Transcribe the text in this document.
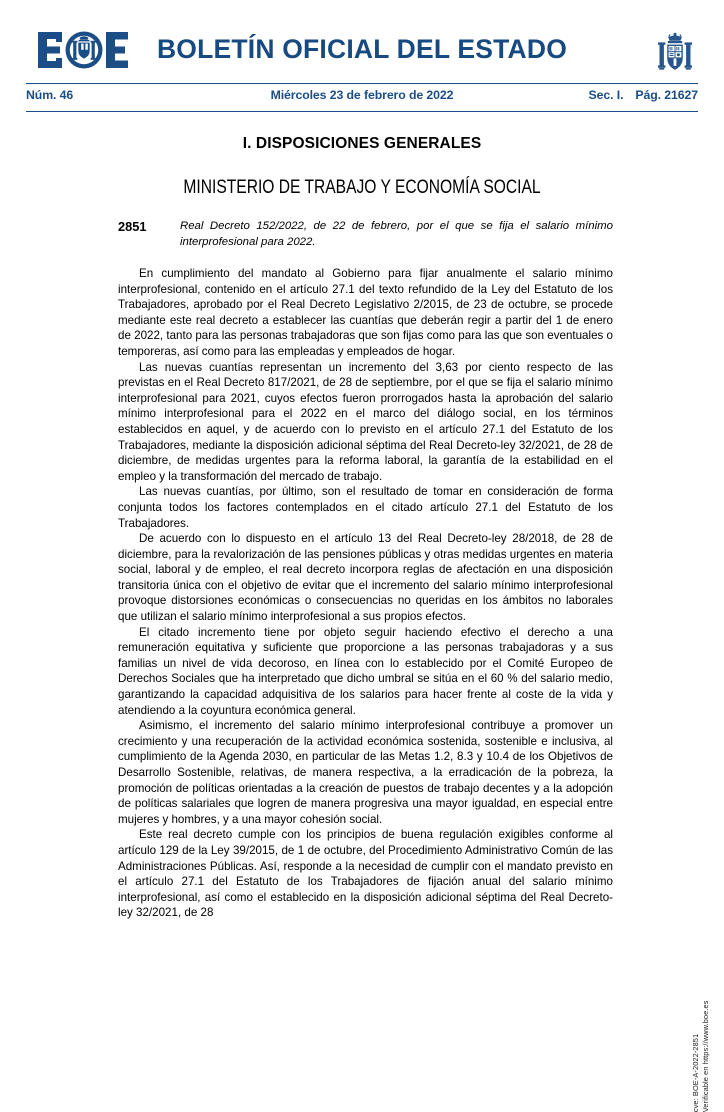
BOLETÍN OFICIAL DEL ESTADO
Núm. 46	Miércoles 23 de febrero de 2022	Sec. I. Pág. 21627
I. DISPOSICIONES GENERALES
MINISTERIO DE TRABAJO Y ECONOMÍA SOCIAL
2851	Real Decreto 152/2022, de 22 de febrero, por el que se fija el salario mínimo interprofesional para 2022.

En cumplimiento del mandato al Gobierno para fijar anualmente el salario mínimo interprofesional, contenido en el artículo 27.1 del texto refundido de la Ley del Estatuto de los Trabajadores, aprobado por el Real Decreto Legislativo 2/2015, de 23 de octubre, se procede mediante este real decreto a establecer las cuantías que deberán regir a partir del 1 de enero de 2022, tanto para las personas trabajadoras que son fijas como para las que son eventuales o temporeras, así como para las empleadas y empleados de hogar.

Las nuevas cuantías representan un incremento del 3,63 por ciento respecto de las previstas en el Real Decreto 817/2021, de 28 de septiembre, por el que se fija el salario mínimo interprofesional para 2021, cuyos efectos fueron prorrogados hasta la aprobación del salario mínimo interprofesional para el 2022 en el marco del diálogo social, en los términos establecidos en aquel, y de acuerdo con lo previsto en el artículo 27.1 del Estatuto de los Trabajadores, mediante la disposición adicional séptima del Real Decreto-ley 32/2021, de 28 de diciembre, de medidas urgentes para la reforma laboral, la garantía de la estabilidad en el empleo y la transformación del mercado de trabajo.

Las nuevas cuantías, por último, son el resultado de tomar en consideración de forma conjunta todos los factores contemplados en el citado artículo 27.1 del Estatuto de los Trabajadores.

De acuerdo con lo dispuesto en el artículo 13 del Real Decreto-ley 28/2018, de 28 de diciembre, para la revalorización de las pensiones públicas y otras medidas urgentes en materia social, laboral y de empleo, el real decreto incorpora reglas de afectación en una disposición transitoria única con el objetivo de evitar que el incremento del salario mínimo interprofesional provoque distorsiones económicas o consecuencias no queridas en los ámbitos no laborales que utilizan el salario mínimo interprofesional a sus propios efectos.

El citado incremento tiene por objeto seguir haciendo efectivo el derecho a una remuneración equitativa y suficiente que proporcione a las personas trabajadoras y a sus familias un nivel de vida decoroso, en línea con lo establecido por el Comité Europeo de Derechos Sociales que ha interpretado que dicho umbral se sitúa en el 60 % del salario medio, garantizando la capacidad adquisitiva de los salarios para hacer frente al coste de la vida y atendiendo a la coyuntura económica general.

Asimismo, el incremento del salario mínimo interprofesional contribuye a promover un crecimiento y una recuperación de la actividad económica sostenida, sostenible e inclusiva, al cumplimiento de la Agenda 2030, en particular de las Metas 1.2, 8.3 y 10.4 de los Objetivos de Desarrollo Sostenible, relativas, de manera respectiva, a la erradicación de la pobreza, la promoción de políticas orientadas a la creación de puestos de trabajo decentes y a la adopción de políticas salariales que logren de manera progresiva una mayor igualdad, en especial entre mujeres y hombres, y a una mayor cohesión social.

Este real decreto cumple con los principios de buena regulación exigibles conforme al artículo 129 de la Ley 39/2015, de 1 de octubre, del Procedimiento Administrativo Común de las Administraciones Públicas. Así, responde a la necesidad de cumplir con el mandato previsto en el artículo 27.1 del Estatuto de los Trabajadores de fijación anual del salario mínimo interprofesional, así como el establecido en la disposición adicional séptima del Real Decreto-ley 32/2021, de 28

cve: BOE-A-2022-2851 Verificable en https://www.boe.es
